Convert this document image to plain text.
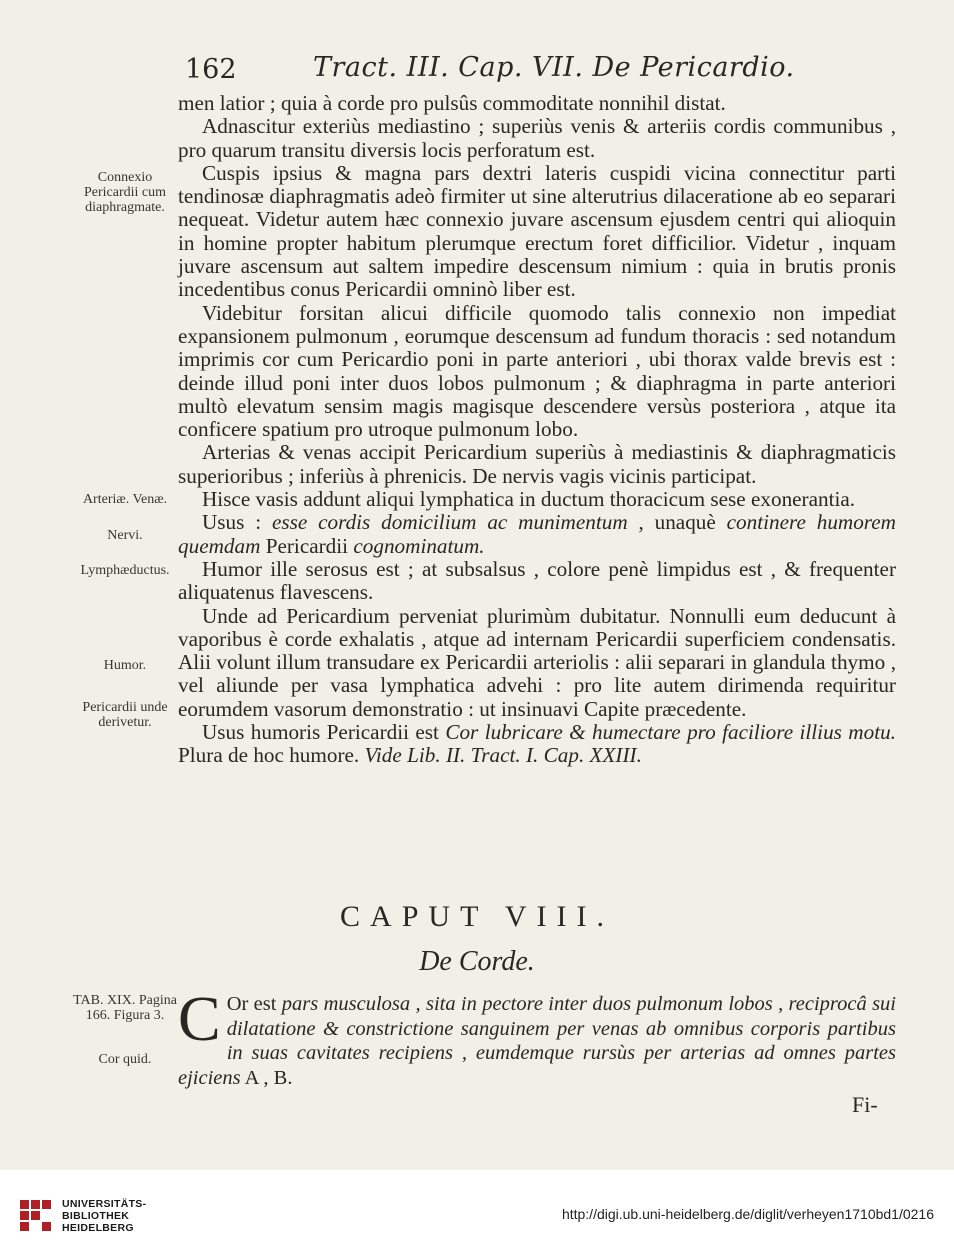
162	Tract. III. Cap. VII. De Pericardio.
Connexio Pericardii cum diaphragmate.
Arteriæ. Venæ.
Nervi.
Lymphæductus.
Humor.
Pericardii unde derivetur.
TAB. XIX. Pagina 166. Figura 3.
Cor quid.

men latior ; quia à corde pro pulsûs commoditate nonnihil distat.

Adnascitur exteriùs mediastino ; superiùs venis & arteriis cordis communibus , pro quarum transitu diversis locis perforatum est.

Cuspis ipsius & magna pars dextri lateris cuspidi vicina connectitur parti tendinosæ diaphragmatis adeò firmiter ut sine alterutrius dilaceratione ab eo separari nequeat. Videtur autem hæc connexio juvare ascensum ejusdem centri qui alioquin in homine propter habitum plerumque erectum foret difficilior. Videtur , inquam juvare ascensum aut saltem impedire descensum nimium : quia in brutis pronis incedentibus conus Pericardii omninò liber est.

Videbitur forsitan alicui difficile quomodo talis connexio non impediat expansionem pulmonum , eorumque descensum ad fundum thoracis : sed notandum imprimis cor cum Pericardio poni in parte anteriori , ubi thorax valde brevis est : deinde illud poni inter duos lobos pulmonum ; & diaphragma in parte anteriori multò elevatum sensim magis magisque descendere versùs posteriora , atque ita conficere spatium pro utroque pulmonum lobo.

Arterias & venas accipit Pericardium superiùs à mediastinis & diaphragmaticis superioribus ; inferiùs à phrenicis. De nervis vagis vicinis participat.

Hisce vasis addunt aliqui lymphatica in ductum thoracicum sese exonerantia.

Usus : esse cordis domicilium ac munimentum , unaquè continere humorem quemdam Pericardii cognominatum.

Humor ille serosus est ; at subsalsus , colore penè limpidus est , & frequenter aliquatenus flavescens.

Unde ad Pericardium perveniat plurimùm dubitatur. Nonnulli eum deducunt à vaporibus è corde exhalatis , atque ad internam Pericardii superficiem condensatis. Alii volunt illum transudare ex Pericardii arteriolis : alii separari in glandula thymo , vel aliunde per vasa lymphatica advehi : pro lite autem dirimenda requiritur eorumdem vasorum demonstratio : ut insinuavi Capite præcedente.

Usus humoris Pericardii est Cor lubricare & humectare pro faciliore illius motu. Plura de hoc humore. Vide Lib. II. Tract. I. Cap. XXIII.

CAPUT VIII.
De Corde.
C Or est pars musculosa , sita in pectore inter duos pulmonum lobos , reciprocâ sui dilatatione & constrictione sanguinem per venas ab omnibus corporis partibus in suas cavitates recipiens , eumdemque rursùs per arterias ad omnes partes ejiciens A , B.
Fi-
UNIVERSITÄTS-
BIBLIOTHEK
HEIDELBERG
http://digi.ub.uni-heidelberg.de/diglit/verheyen1710bd1/0216
